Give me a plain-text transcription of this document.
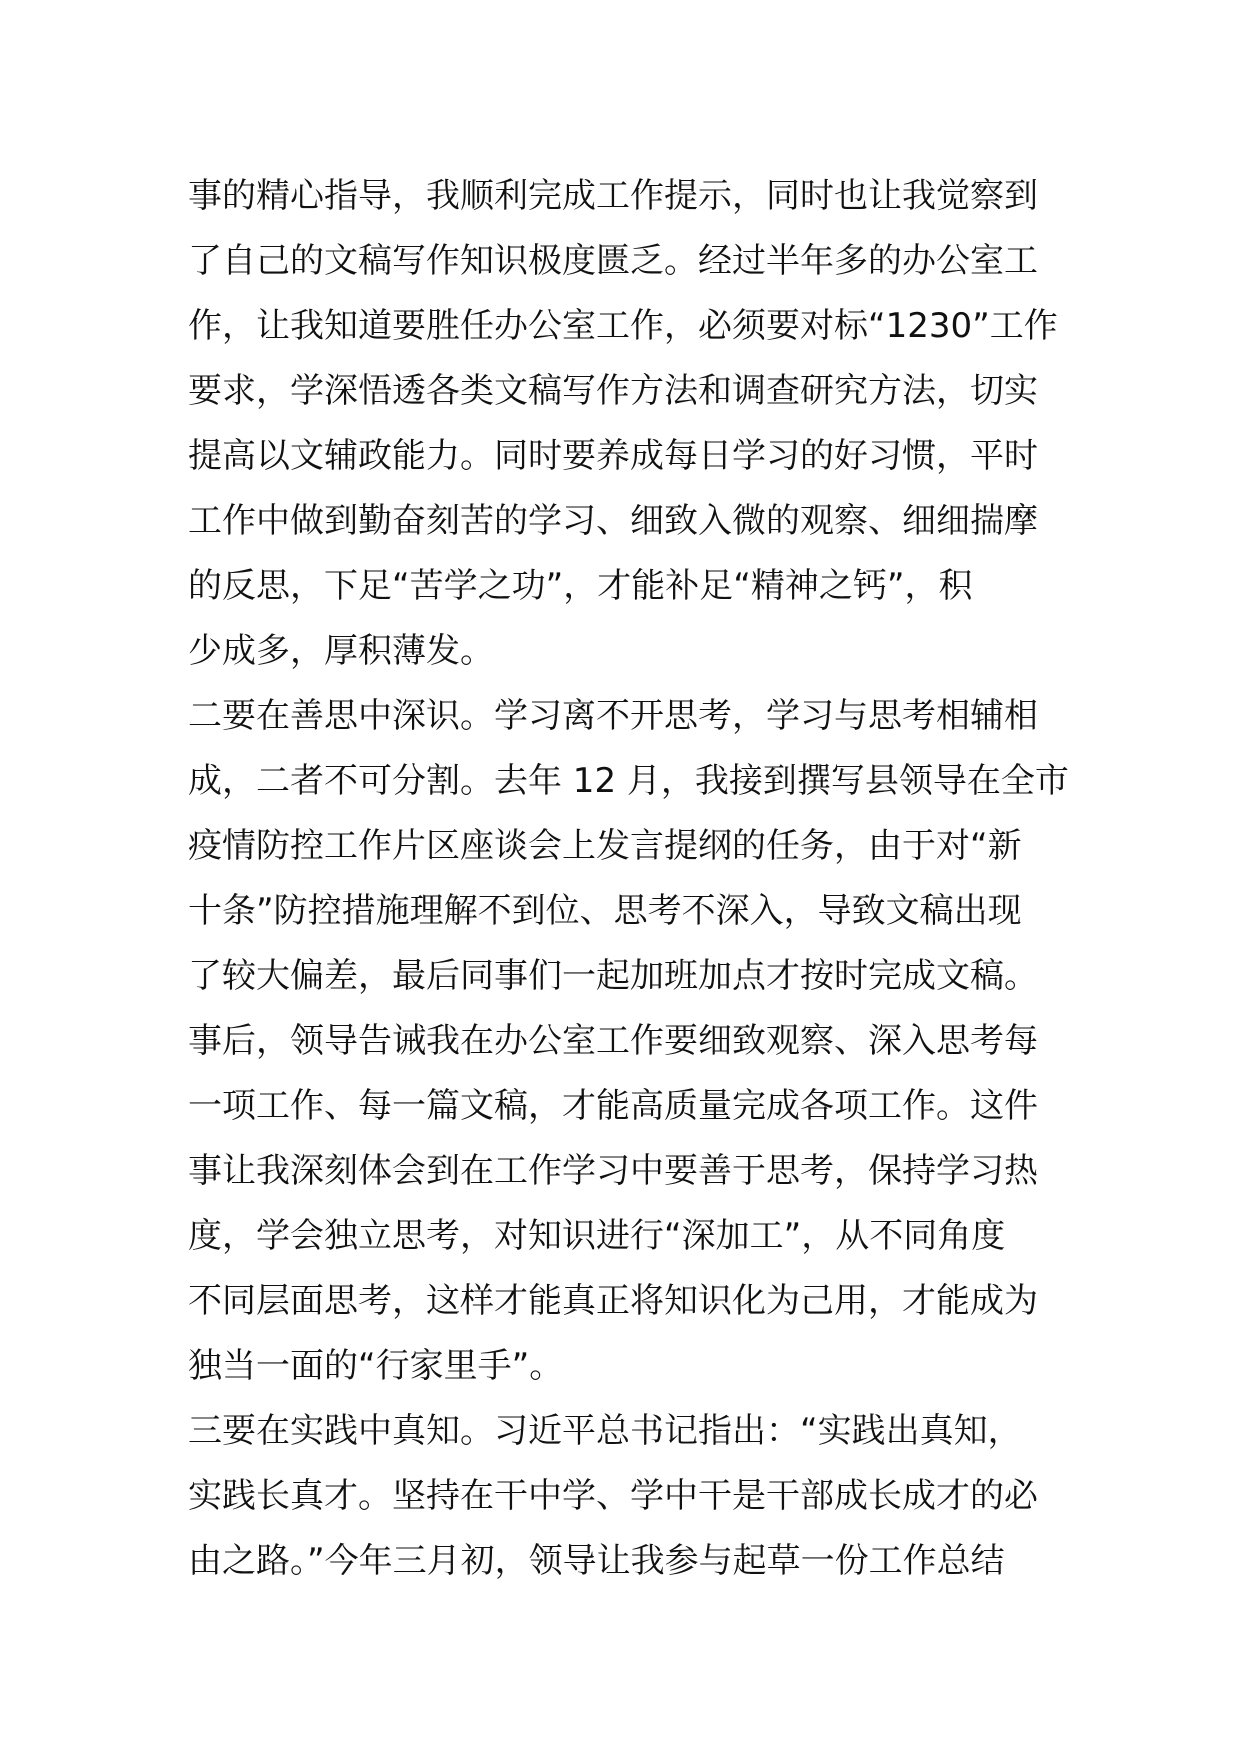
事的精心指导，我顺利完成工作提示，同时也让我觉察到
了自己的文稿写作知识极度匮乏。经过半年多的办公室工
作，让我知道要胜任办公室工作，必须要对标“1230”工作
要求，学深悟透各类文稿写作方法和调查研究方法，切实
提高以文辅政能力。同时要养成每日学习的好习惯，平时
工作中做到勤奋刻苦的学习、细致入微的观察、细细揣摩
的反思，下足“苦学之功”，才能补足“精神之钙”，积
少成多，厚积薄发。
二要在善思中深识。学习离不开思考，学习与思考相辅相
成，二者不可分割。去年 12 月，我接到撰写县领导在全市
疫情防控工作片区座谈会上发言提纲的任务，由于对“新
十条”防控措施理解不到位、思考不深入，导致文稿出现
了较大偏差，最后同事们一起加班加点才按时完成文稿。
事后，领导告诫我在办公室工作要细致观察、深入思考每
一项工作、每一篇文稿，才能高质量完成各项工作。这件
事让我深刻体会到在工作学习中要善于思考，保持学习热
度，学会独立思考，对知识进行“深加工”，从不同角度
不同层面思考，这样才能真正将知识化为己用，才能成为
独当一面的“行家里手”。
三要在实践中真知。习近平总书记指出：“实践出真知，
实践长真才。坚持在干中学、学中干是干部成长成才的必
由之路。”今年三月初，领导让我参与起草一份工作总结
